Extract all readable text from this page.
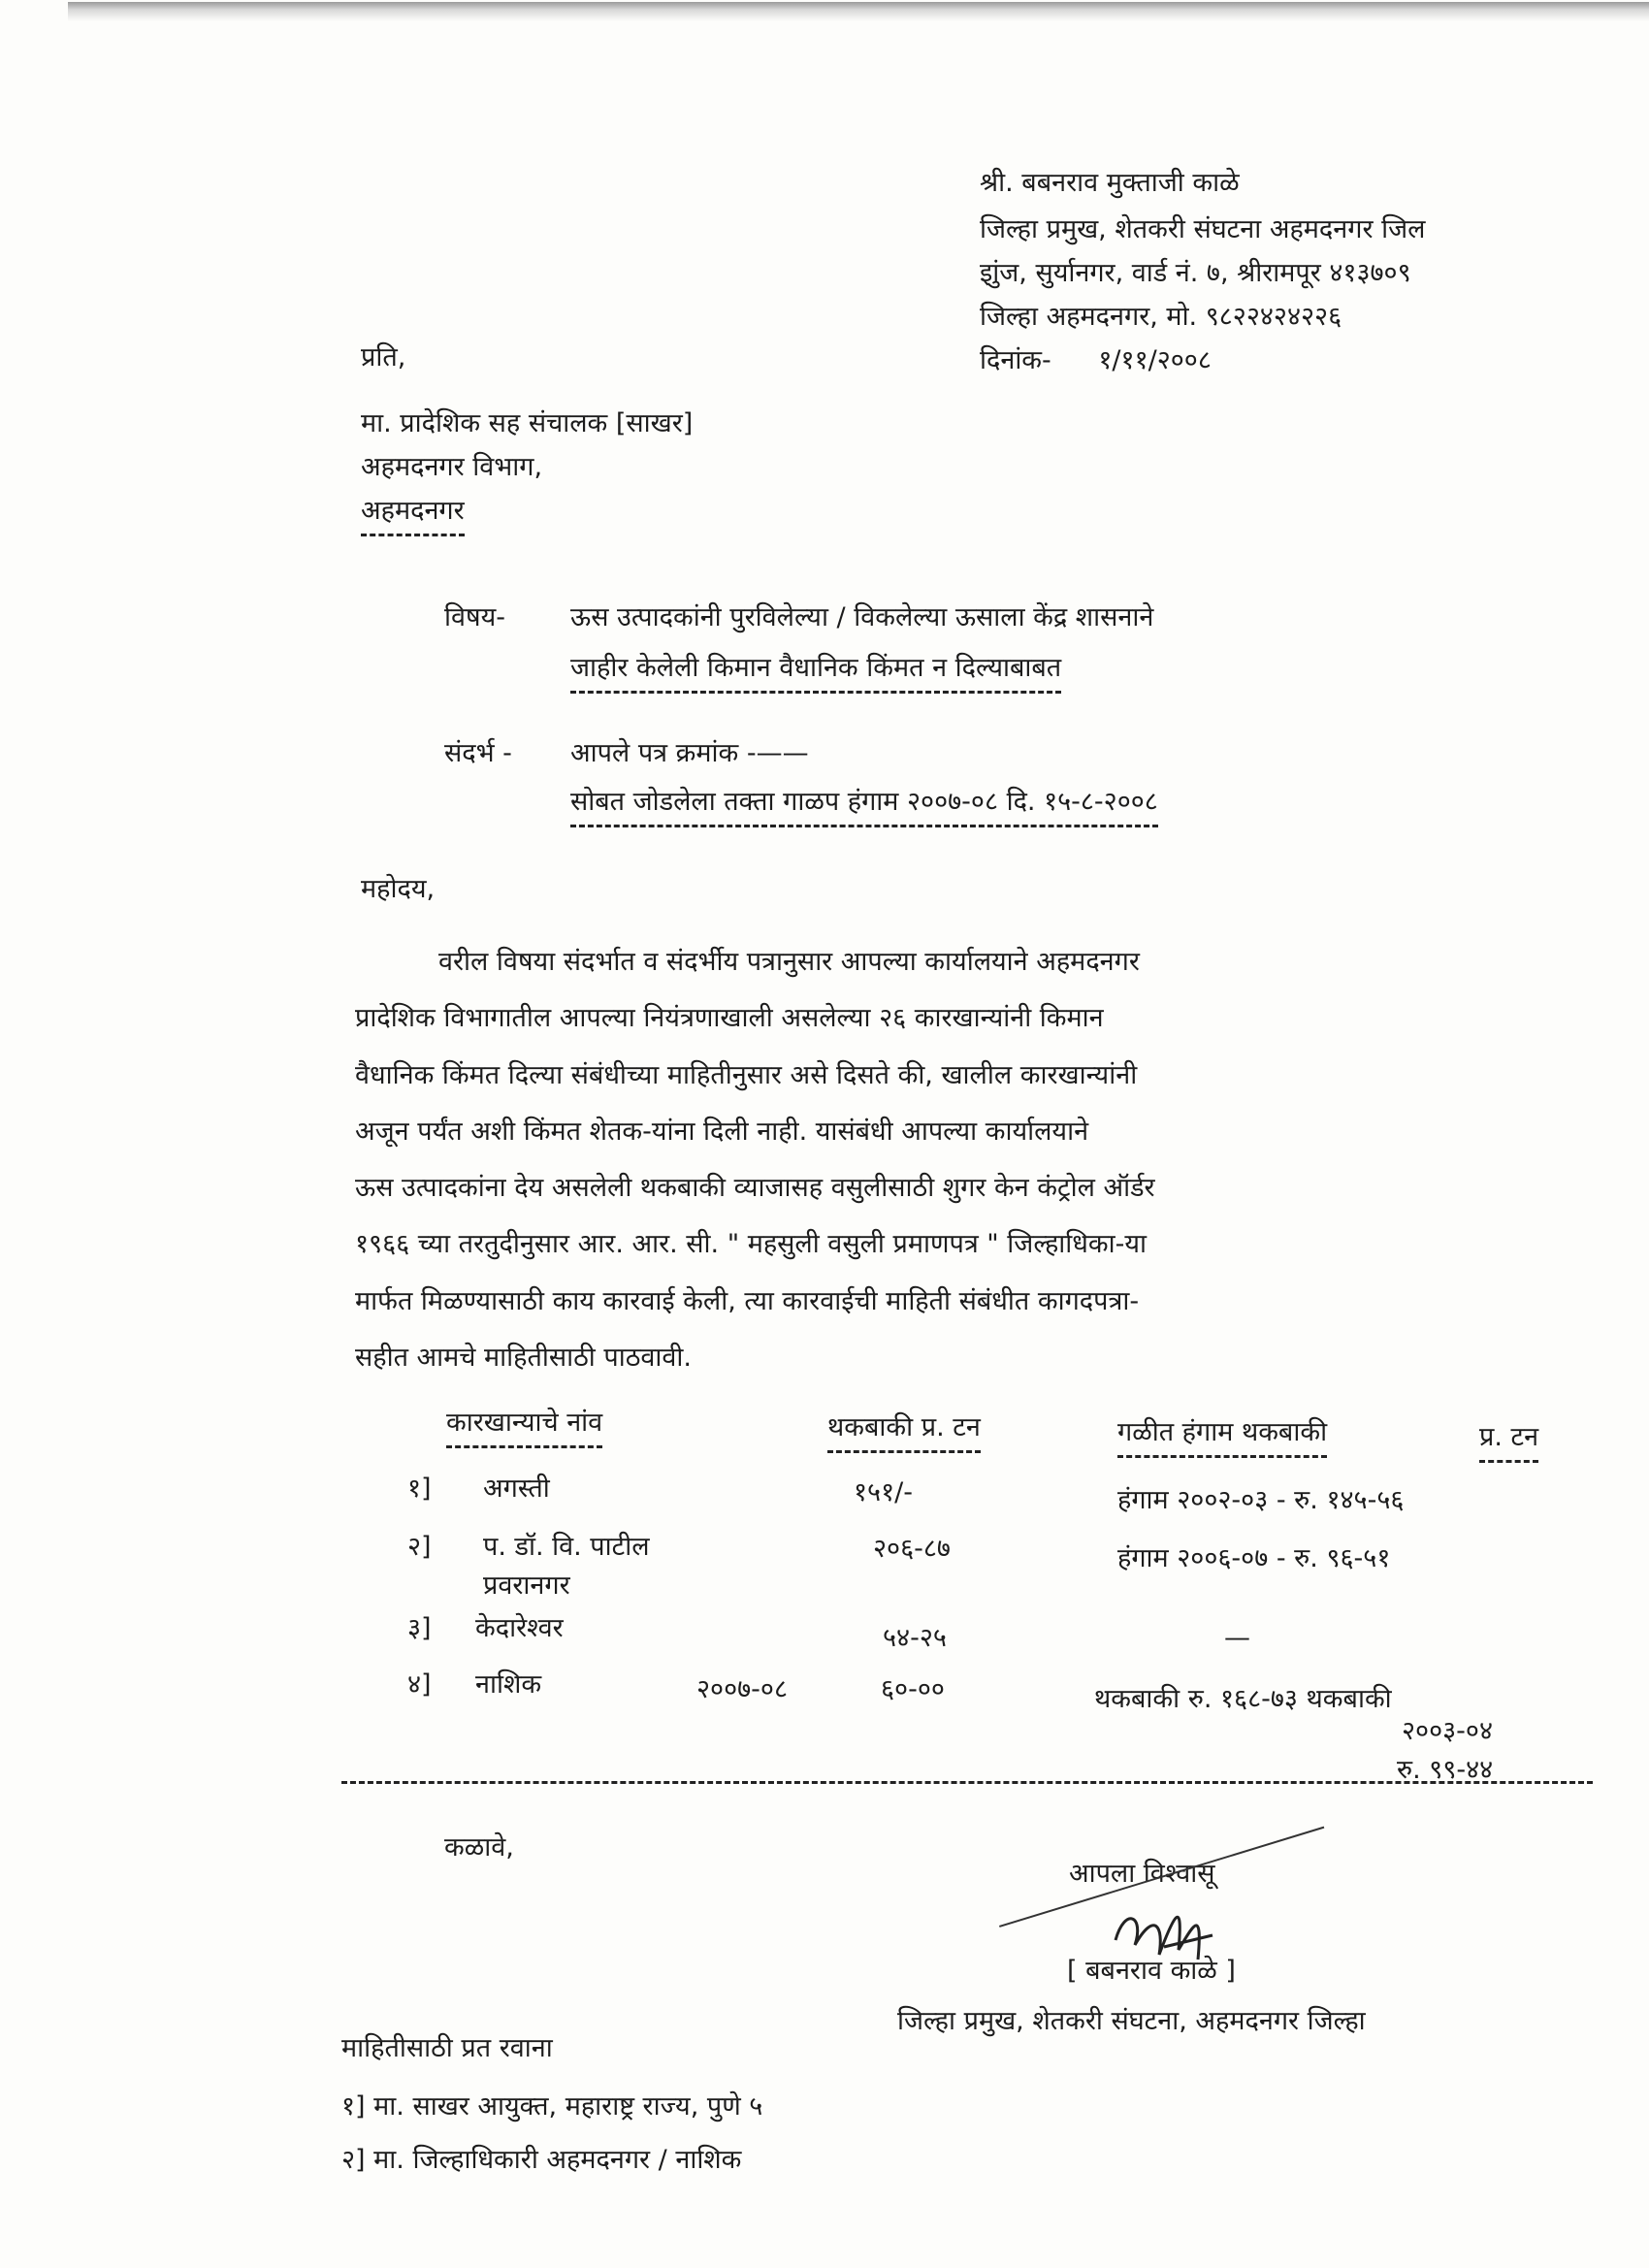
श्री. बबनराव मुक्ताजी काळे
जिल्हा प्रमुख, शेतकरी संघटना अहमदनगर जिल
इाुंज, सुर्यानगर, वार्ड नं. ७, श्रीरामपूर ४१३७०९
जिल्हा अहमदनगर, मो. ९८२२४२४२२६
दिनांक- १/११/२००८
प्रति,
मा. प्रादेशिक सह संचालक [साखर]
अहमदनगर विभाग,
अहमदनगर
विषय- ऊस उत्पादकांनी पुरविलेल्या / विकलेल्या ऊसाला केंद्र शासनाने
जाहीर केलेली किमान वैधानिक किंमत न दिल्याबाबत
संदर्भ - आपले पत्र क्रमांक -——
सोबत जोडलेला तक्ता गाळप हंगाम २००७-०८ दि. १५-८-२००८
महोदय,
वरील विषया संदर्भात व संदर्भीय पत्रानुसार आपल्या कार्यालयाने अहमदनगर
प्रादेशिक विभागातील आपल्या नियंत्रणाखाली असलेल्या २६ कारखान्यांनी किमान
वैधानिक किंमत दिल्या संबंधीच्या माहितीनुसार असे दिसते की, खालील कारखान्यांनी
अजून पर्यंत अशी किंमत शेतक-यांना दिली नाही. यासंबंधी आपल्या कार्यालयाने
ऊस उत्पादकांना देय असलेली थकबाकी व्याजासह वसुलीसाठी शुगर केन कंट्रोल ऑर्डर
१९६६ च्या तरतुदीनुसार आर. आर. सी. " महसुली वसुली प्रमाणपत्र " जिल्हाधिका-या
मार्फत मिळण्यासाठी काय कारवाई केली, त्या कारवाईची माहिती संबंधीत कागदपत्रा-
सहीत आमचे माहितीसाठी पाठवावी.
कारखान्याचे नांव	थकबाकी प्र. टन	गळीत हंगाम थकबाकी	प्र. टन
१] अगस्ती	१५१/-	हंगाम २००२-०३ - रु. १४५-५६
२] प. डॉ. वि. पाटील
प्रवरानगर
२०६-८७	हंगाम २००६-०७ - रु. ९६-५१
३] केदारेश्वर	५४-२५	—
४] नाशिक	२००७-०८	६०-००	थकबाकी रु. १६८-७३ थकबाकी
२००३-०४
रु. ९९-४४
कळावे,
आपला विश्वासू
[ बबनराव काळे ]
जिल्हा प्रमुख, शेतकरी संघटना, अहमदनगर जिल्हा
माहितीसाठी प्रत रवाना
१] मा. साखर आयुक्त, महाराष्ट्र राज्य, पुणे ५
२] मा. जिल्हाधिकारी अहमदनगर / नाशिक
